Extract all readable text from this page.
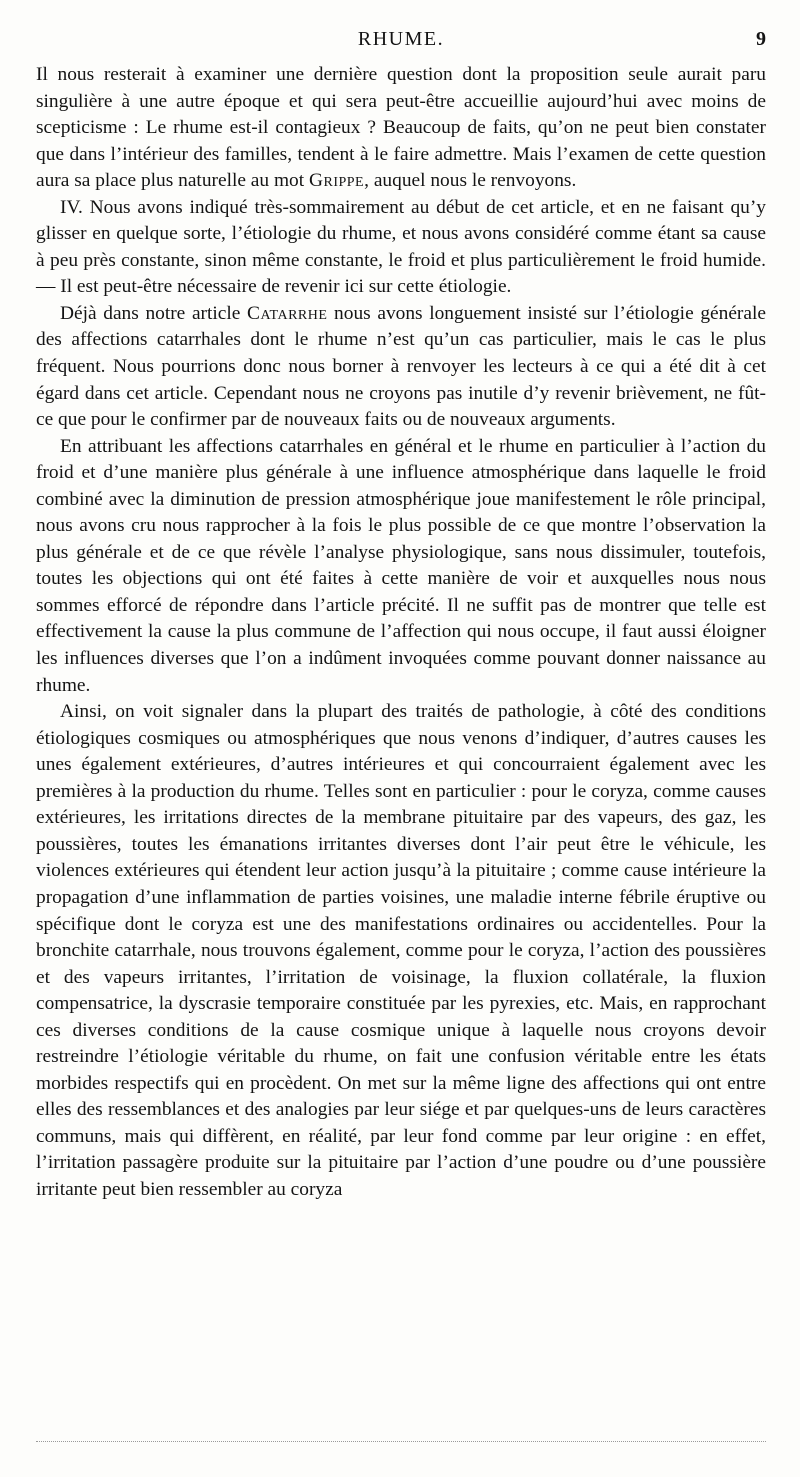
RHUME.	9

Il nous resterait à examiner une dernière question dont la proposition seule aurait paru singulière à une autre époque et qui sera peut-être accueillie aujourd’hui avec moins de scepticisme : Le rhume est-il contagieux ? Beaucoup de faits, qu’on ne peut bien constater que dans l’intérieur des familles, tendent à le faire admettre. Mais l’examen de cette question aura sa place plus naturelle au mot Grippe, auquel nous le renvoyons.

IV. Nous avons indiqué très-sommairement au début de cet article, et en ne faisant qu’y glisser en quelque sorte, l’étiologie du rhume, et nous avons considéré comme étant sa cause à peu près constante, sinon même constante, le froid et plus particulièrement le froid humide. — Il est peut-être nécessaire de revenir ici sur cette étiologie.

Déjà dans notre article Catarrhe nous avons longuement insisté sur l’étiologie générale des affections catarrhales dont le rhume n’est qu’un cas particulier, mais le cas le plus fréquent. Nous pourrions donc nous borner à renvoyer les lecteurs à ce qui a été dit à cet égard dans cet article. Cependant nous ne croyons pas inutile d’y revenir brièvement, ne fût-ce que pour le confirmer par de nouveaux faits ou de nouveaux arguments.

En attribuant les affections catarrhales en général et le rhume en particulier à l’action du froid et d’une manière plus générale à une influence atmosphérique dans laquelle le froid combiné avec la diminution de pression atmosphérique joue manifestement le rôle principal, nous avons cru nous rapprocher à la fois le plus possible de ce que montre l’observation la plus générale et de ce que révèle l’analyse physiologique, sans nous dissimuler, toutefois, toutes les objections qui ont été faites à cette manière de voir et auxquelles nous nous sommes efforcé de répondre dans l’article précité. Il ne suffit pas de montrer que telle est effectivement la cause la plus commune de l’affection qui nous occupe, il faut aussi éloigner les influences diverses que l’on a indûment invoquées comme pouvant donner naissance au rhume.

Ainsi, on voit signaler dans la plupart des traités de pathologie, à côté des conditions étiologiques cosmiques ou atmosphériques que nous venons d’indiquer, d’autres causes les unes également extérieures, d’autres intérieures et qui concourraient également avec les premières à la production du rhume. Telles sont en particulier : pour le coryza, comme causes extérieures, les irritations directes de la membrane pituitaire par des vapeurs, des gaz, les poussières, toutes les émanations irritantes diverses dont l’air peut être le véhicule, les violences extérieures qui étendent leur action jusqu’à la pituitaire ; comme cause intérieure la propagation d’une inflammation de parties voisines, une maladie interne fébrile éruptive ou spécifique dont le coryza est une des manifestations ordinaires ou accidentelles. Pour la bronchite catarrhale, nous trouvons également, comme pour le coryza, l’action des poussières et des vapeurs irritantes, l’irritation de voisinage, la fluxion collatérale, la fluxion compensatrice, la dyscrasie temporaire constituée par les pyrexies, etc. Mais, en rapprochant ces diverses conditions de la cause cosmique unique à laquelle nous croyons devoir restreindre l’étiologie véritable du rhume, on fait une confusion véritable entre les états morbides respectifs qui en procèdent. On met sur la même ligne des affections qui ont entre elles des ressemblances et des analogies par leur siége et par quelques-uns de leurs caractères communs, mais qui diffèrent, en réalité, par leur fond comme par leur origine : en effet, l’irritation passagère produite sur la pituitaire par l’action d’une poudre ou d’une poussière irritante peut bien ressembler au coryza
